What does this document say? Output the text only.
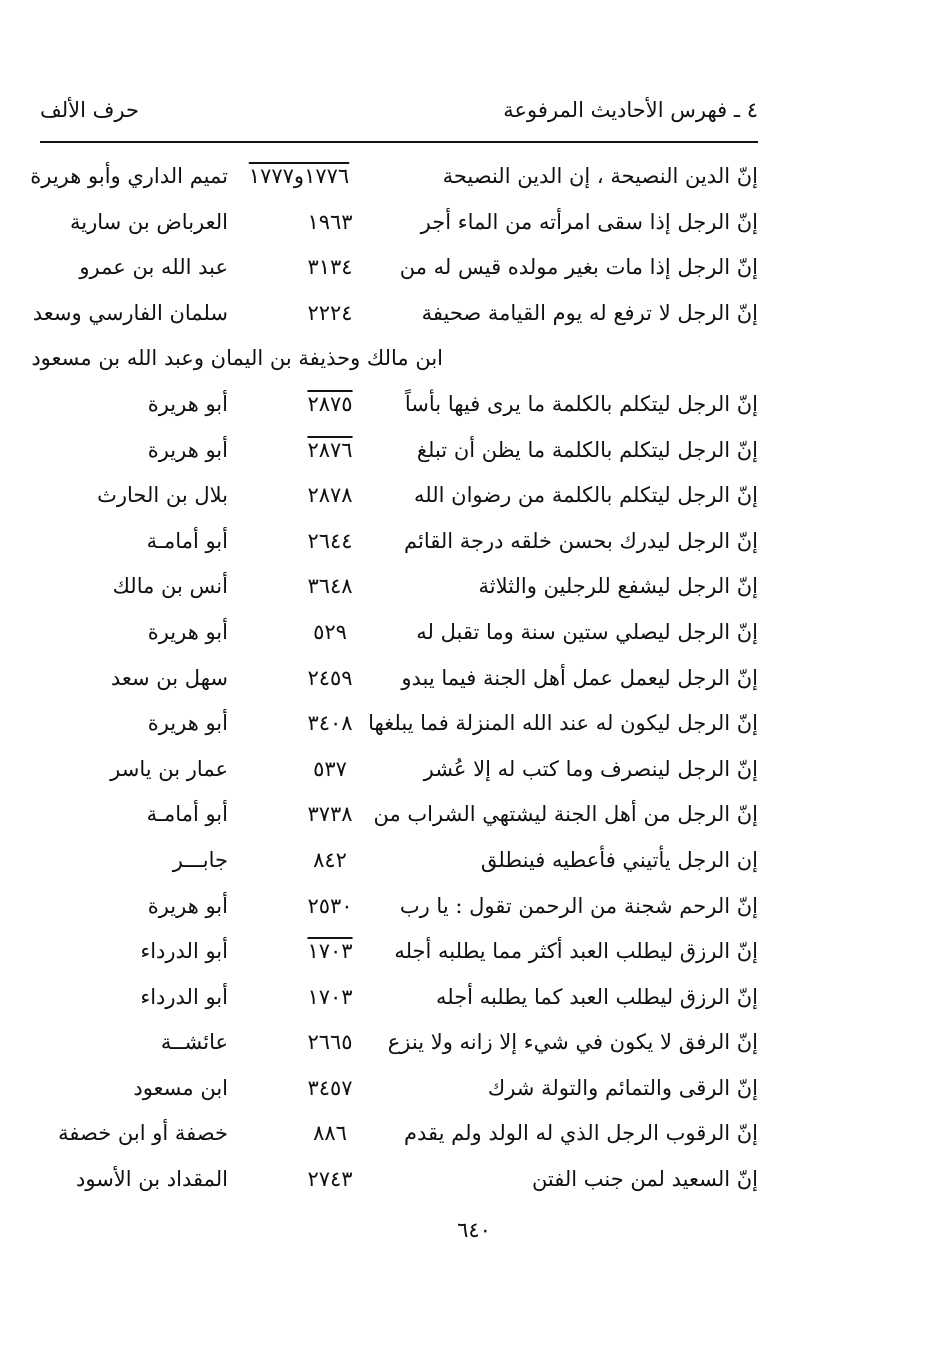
٤ ـ فهرس الأحاديث المرفوعة
حرف الألف
إنّ الدين النصيحة ، إن الدين النصيحة
١٧٧٦و١٧٧٧
تميم الداري وأبو هريرة
إنّ الرجل إذا سقى امرأته من الماء أجر
١٩٦٣
العرباض بن سارية
إنّ الرجل إذا مات بغير مولده قيس له من
٣١٣٤
عبد الله بن عمرو
إنّ الرجل لا ترفع له يوم القيامة صحيفة
٢٢٢٤
سلمان الفارسي وسعد
ابن مالك وحذيفة بن اليمان وعبد الله بن مسعود
إنّ الرجل ليتكلم بالكلمة ما يرى فيها بأساً
٢٨٧٥
أبو هريرة
إنّ الرجل ليتكلم بالكلمة ما يظن أن تبلغ
٢٨٧٦
أبو هريرة
إنّ الرجل ليتكلم بالكلمة من رضوان الله
٢٨٧٨
بلال بن الحارث
إنّ الرجل ليدرك بحسن خلقه درجة القائم
٢٦٤٤
أبو أمامـة
إنّ الرجل ليشفع للرجلين والثلاثة
٣٦٤٨
أنس بن مالك
إنّ الرجل ليصلي ستين سنة وما تقبل له
٥٢٩
أبو هريرة
إنّ الرجل ليعمل عمل أهل الجنة فيما يبدو
٢٤٥٩
سهل بن سعد
إنّ الرجل ليكون له عند الله المنزلة فما يبلغها
٣٤٠٨
أبو هريرة
إنّ الرجل لينصرف وما كتب له إلا عُشر
٥٣٧
عمار بن ياسر
إنّ الرجل من أهل الجنة ليشتهي الشراب من
٣٧٣٨
أبو أمامـة
إن الرجل يأتيني فأعطيه فينطلق
٨٤٢
جابـــر
إنّ الرحم شجنة من الرحمن تقول : يا رب
٢٥٣٠
أبو هريرة
إنّ الرزق ليطلب العبد أكثر مما يطلبه أجله
١٧٠٣
أبو الدرداء
إنّ الرزق ليطلب العبد كما يطلبه أجله
١٧٠٣
أبو الدرداء
إنّ الرفق لا يكون في شيء إلا زانه ولا ينزع
٢٦٦٥
عائشــة
إنّ الرقى والتمائم والتولة شرك
٣٤٥٧
ابن مسعود
إنّ الرقوب الرجل الذي له الولد ولم يقدم
٨٨٦
خصفة أو ابن خصفة
إنّ السعيد لمن جنب الفتن
٢٧٤٣
المقداد بن الأسود
٦٤٠
